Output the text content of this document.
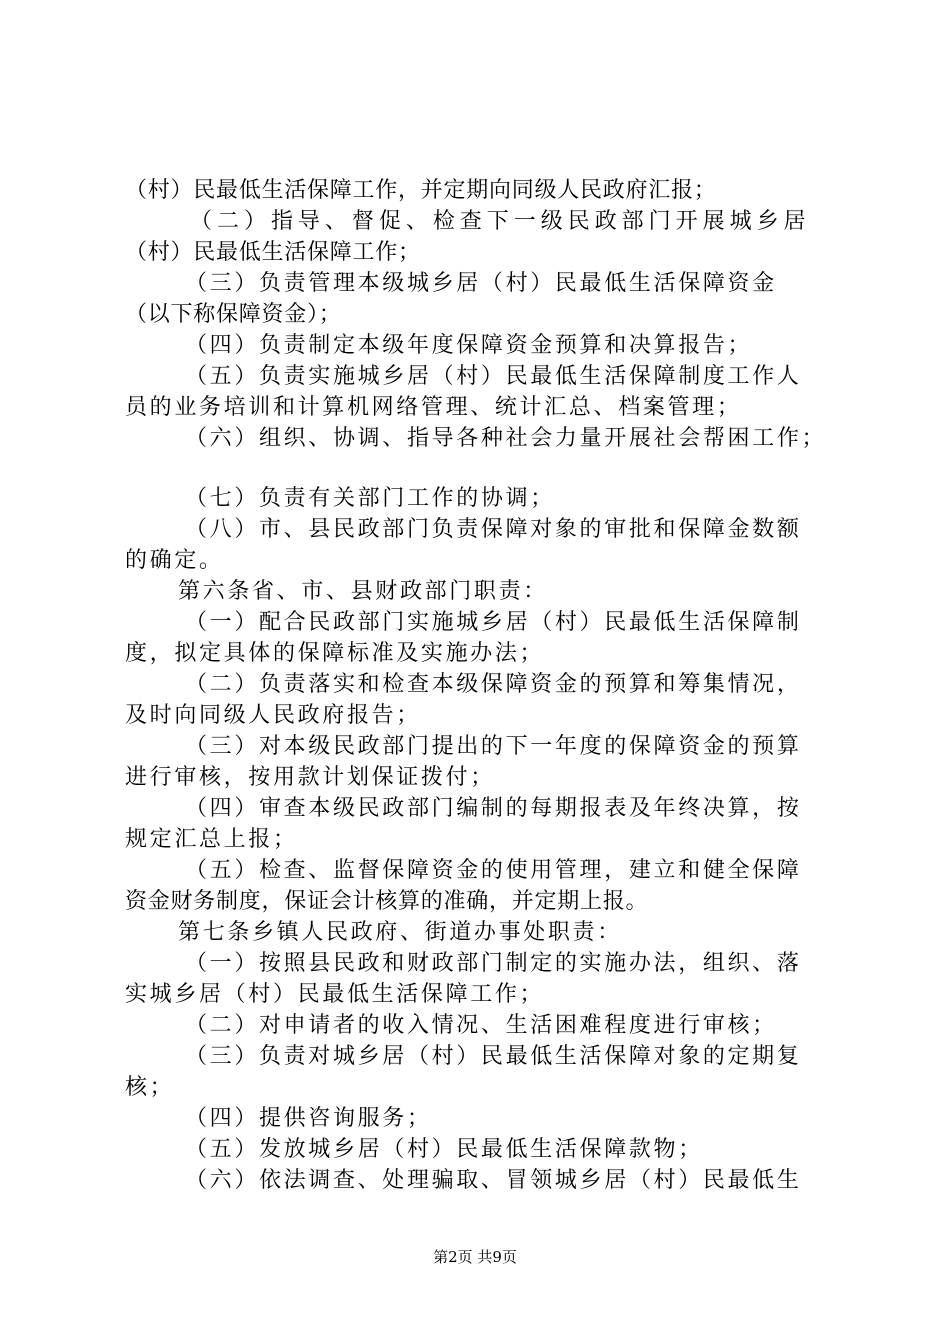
（村）民最低生活保障工作，并定期向同级人民政府汇报；
（二）指导、督促、检查下一级民政部门开展城乡居
（村）民最低生活保障工作；
（三）负责管理本级城乡居（村）民最低生活保障资金
（以下称保障资金）；
（四）负责制定本级年度保障资金预算和决算报告；
（五）负责实施城乡居（村）民最低生活保障制度工作人
员的业务培训和计算机网络管理、统计汇总、档案管理；
（六）组织、协调、指导各种社会力量开展社会帮困工作；
（七）负责有关部门工作的协调；
（八）市、县民政部门负责保障对象的审批和保障金数额
的确定。
第六条省、市、县财政部门职责：
（一）配合民政部门实施城乡居（村）民最低生活保障制
度，拟定具体的保障标准及实施办法；
（二）负责落实和检查本级保障资金的预算和筹集情况，
及时向同级人民政府报告；
（三）对本级民政部门提出的下一年度的保障资金的预算
进行审核，按用款计划保证拨付；
（四）审查本级民政部门编制的每期报表及年终决算，按
规定汇总上报；
（五）检查、监督保障资金的使用管理，建立和健全保障
资金财务制度，保证会计核算的准确，并定期上报。
第七条乡镇人民政府、街道办事处职责：
（一）按照县民政和财政部门制定的实施办法，组织、落
实城乡居（村）民最低生活保障工作；
（二）对申请者的收入情况、生活困难程度进行审核；
（三）负责对城乡居（村）民最低生活保障对象的定期复
核；
（四）提供咨询服务；
（五）发放城乡居（村）民最低生活保障款物；
（六）依法调查、处理骗取、冒领城乡居（村）民最低生
第2页 共9页
